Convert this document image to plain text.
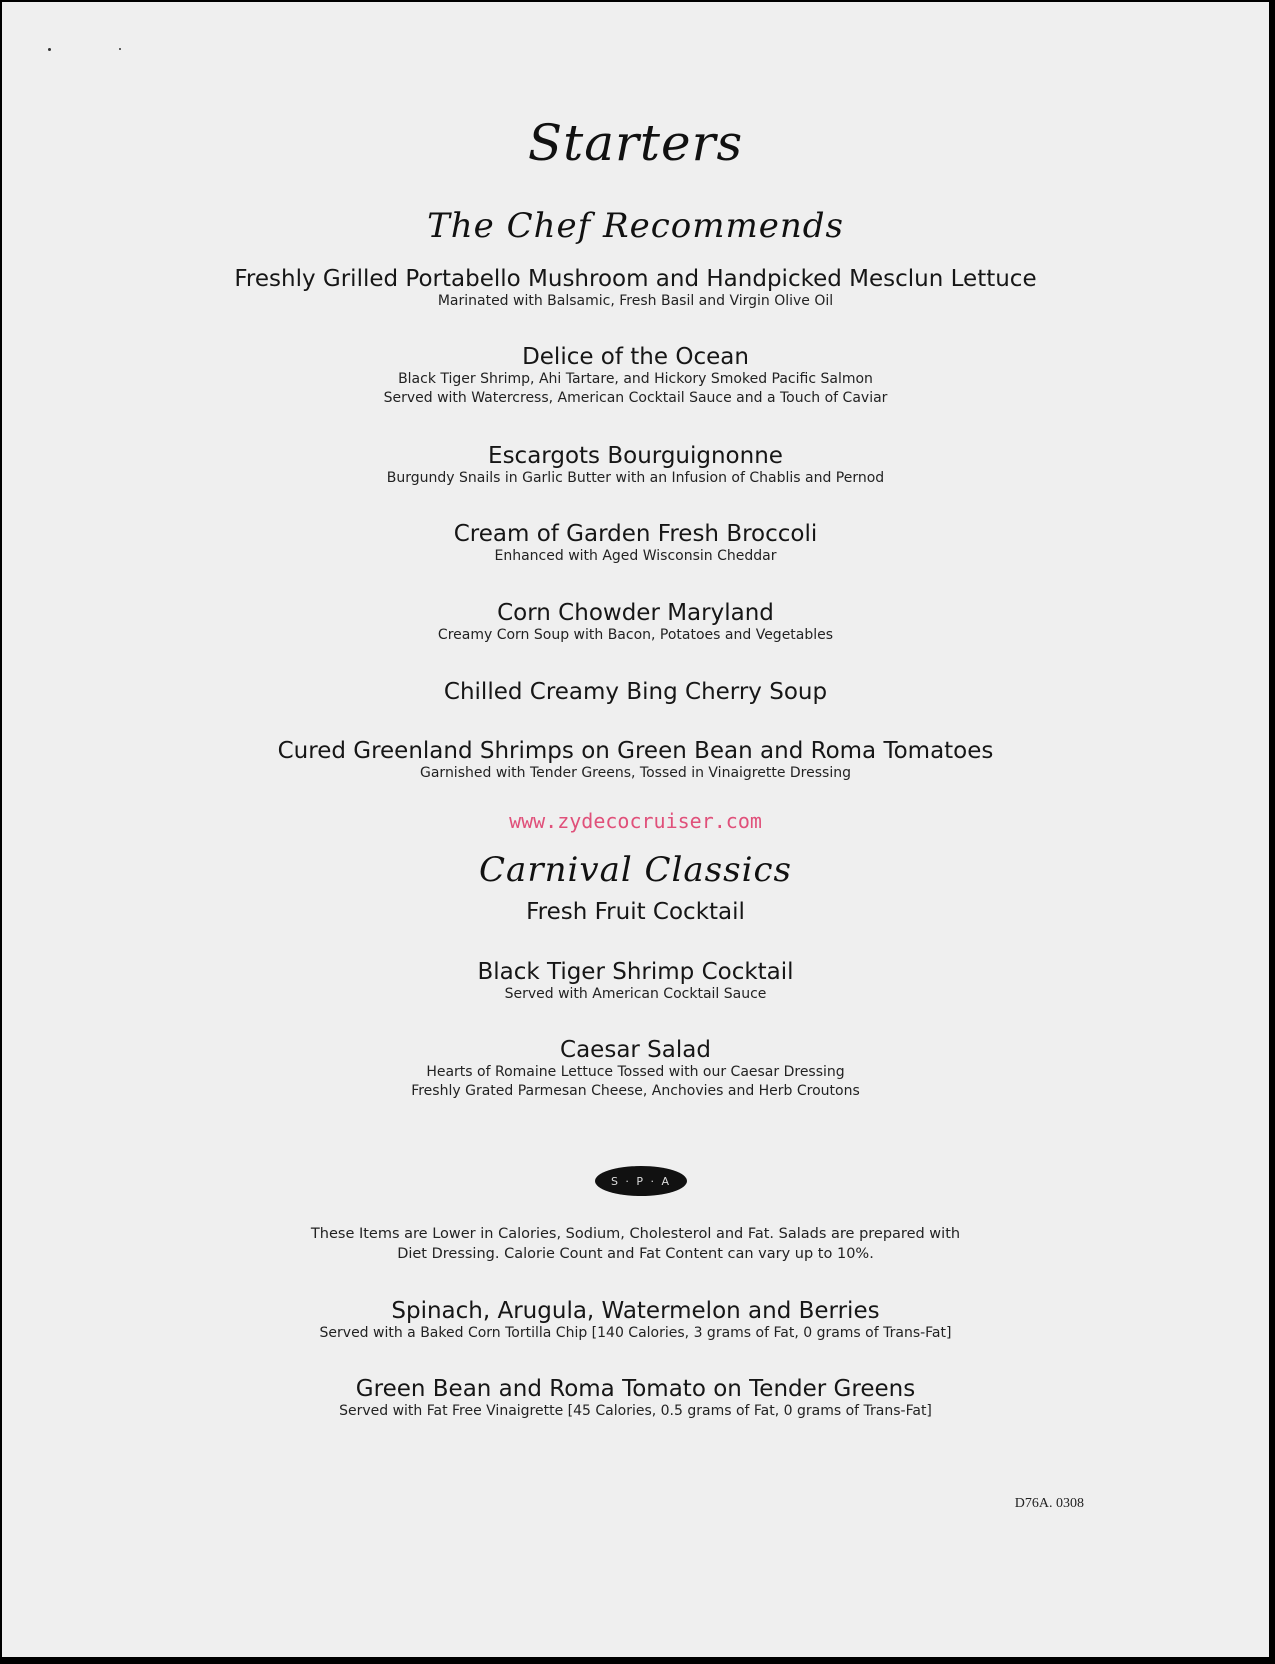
Starters
The Chef Recommends
Freshly Grilled Portabello Mushroom and Handpicked Mesclun Lettuce
Marinated with Balsamic, Fresh Basil and Virgin Olive Oil
Delice of the Ocean
Black Tiger Shrimp, Ahi Tartare, and Hickory Smoked Pacific Salmon
Served with Watercress, American Cocktail Sauce and a Touch of Caviar
Escargots Bourguignonne
Burgundy Snails in Garlic Butter with an Infusion of Chablis and Pernod
Cream of Garden Fresh Broccoli
Enhanced with Aged Wisconsin Cheddar
Corn Chowder Maryland
Creamy Corn Soup with Bacon, Potatoes and Vegetables
Chilled Creamy Bing Cherry Soup
Cured Greenland Shrimps on Green Bean and Roma Tomatoes
Garnished with Tender Greens, Tossed in Vinaigrette Dressing
www.zydecocruiser.com
Carnival Classics
Fresh Fruit Cocktail
Black Tiger Shrimp Cocktail
Served with American Cocktail Sauce
Caesar Salad
Hearts of Romaine Lettuce Tossed with our Caesar Dressing
Freshly Grated Parmesan Cheese, Anchovies and Herb Croutons
S · P · A
These Items are Lower in Calories, Sodium, Cholesterol and Fat. Salads are prepared with
Diet Dressing. Calorie Count and Fat Content can vary up to 10%.
Spinach, Arugula, Watermelon and Berries
Served with a Baked Corn Tortilla Chip [140 Calories, 3 grams of Fat, 0 grams of Trans-Fat]
Green Bean and Roma Tomato on Tender Greens
Served with Fat Free Vinaigrette [45 Calories, 0.5 grams of Fat, 0 grams of Trans-Fat]
D76A. 0308
